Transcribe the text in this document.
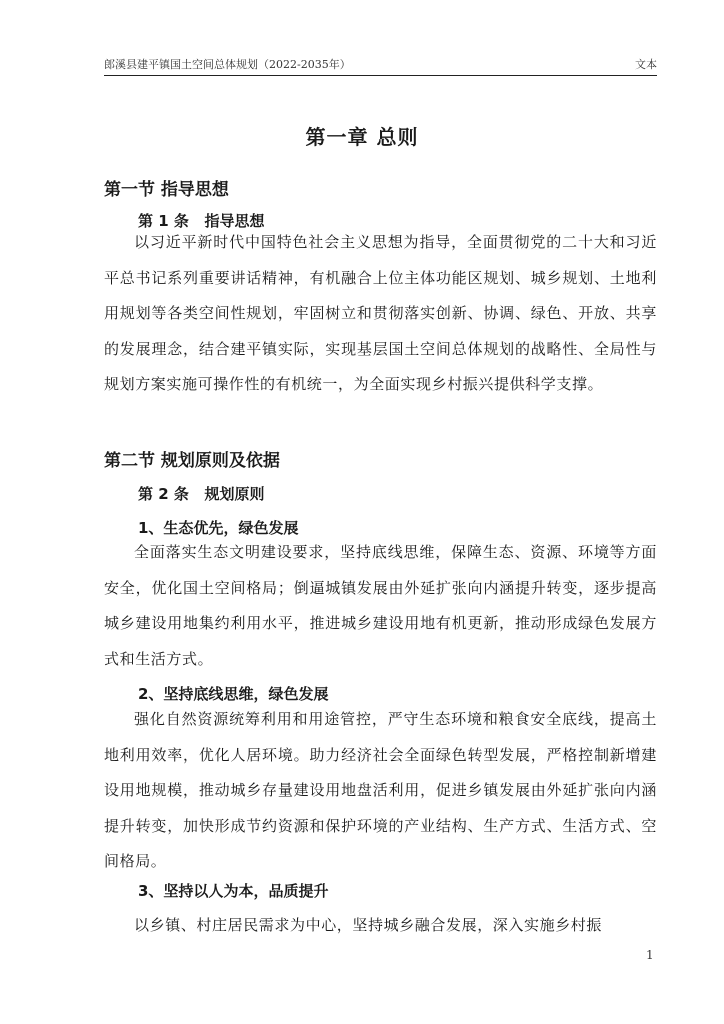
郎溪县建平镇国土空间总体规划（2022-2035年）	文本
第一章 总则
第一节 指导思想
第 1 条   指导思想

以习近平新时代中国特色社会主义思想为指导，全面贯彻党的二十大和习近平总书记系列重要讲话精神，有机融合上位主体功能区规划、城乡规划、土地利用规划等各类空间性规划，牢固树立和贯彻落实创新、协调、绿色、开放、共享的发展理念，结合建平镇实际，实现基层国土空间总体规划的战略性、全局性与规划方案实施可操作性的有机统一，为全面实现乡村振兴提供科学支撑。

第二节 规划原则及依据
第 2 条   规划原则
1、生态优先，绿色发展

全面落实生态文明建设要求，坚持底线思维，保障生态、资源、环境等方面安全，优化国土空间格局；倒逼城镇发展由外延扩张向内涵提升转变，逐步提高城乡建设用地集约利用水平，推进城乡建设用地有机更新，推动形成绿色发展方式和生活方式。

2、坚持底线思维，绿色发展

强化自然资源统筹利用和用途管控，严守生态环境和粮食安全底线，提高土地利用效率，优化人居环境。助力经济社会全面绿色转型发展，严格控制新增建设用地规模，推动城乡存量建设用地盘活利用，促进乡镇发展由外延扩张向内涵提升转变，加快形成节约资源和保护环境的产业结构、生产方式、生活方式、空间格局。

3、坚持以人为本，品质提升

以乡镇、村庄居民需求为中心，坚持城乡融合发展，深入实施乡村振

1
